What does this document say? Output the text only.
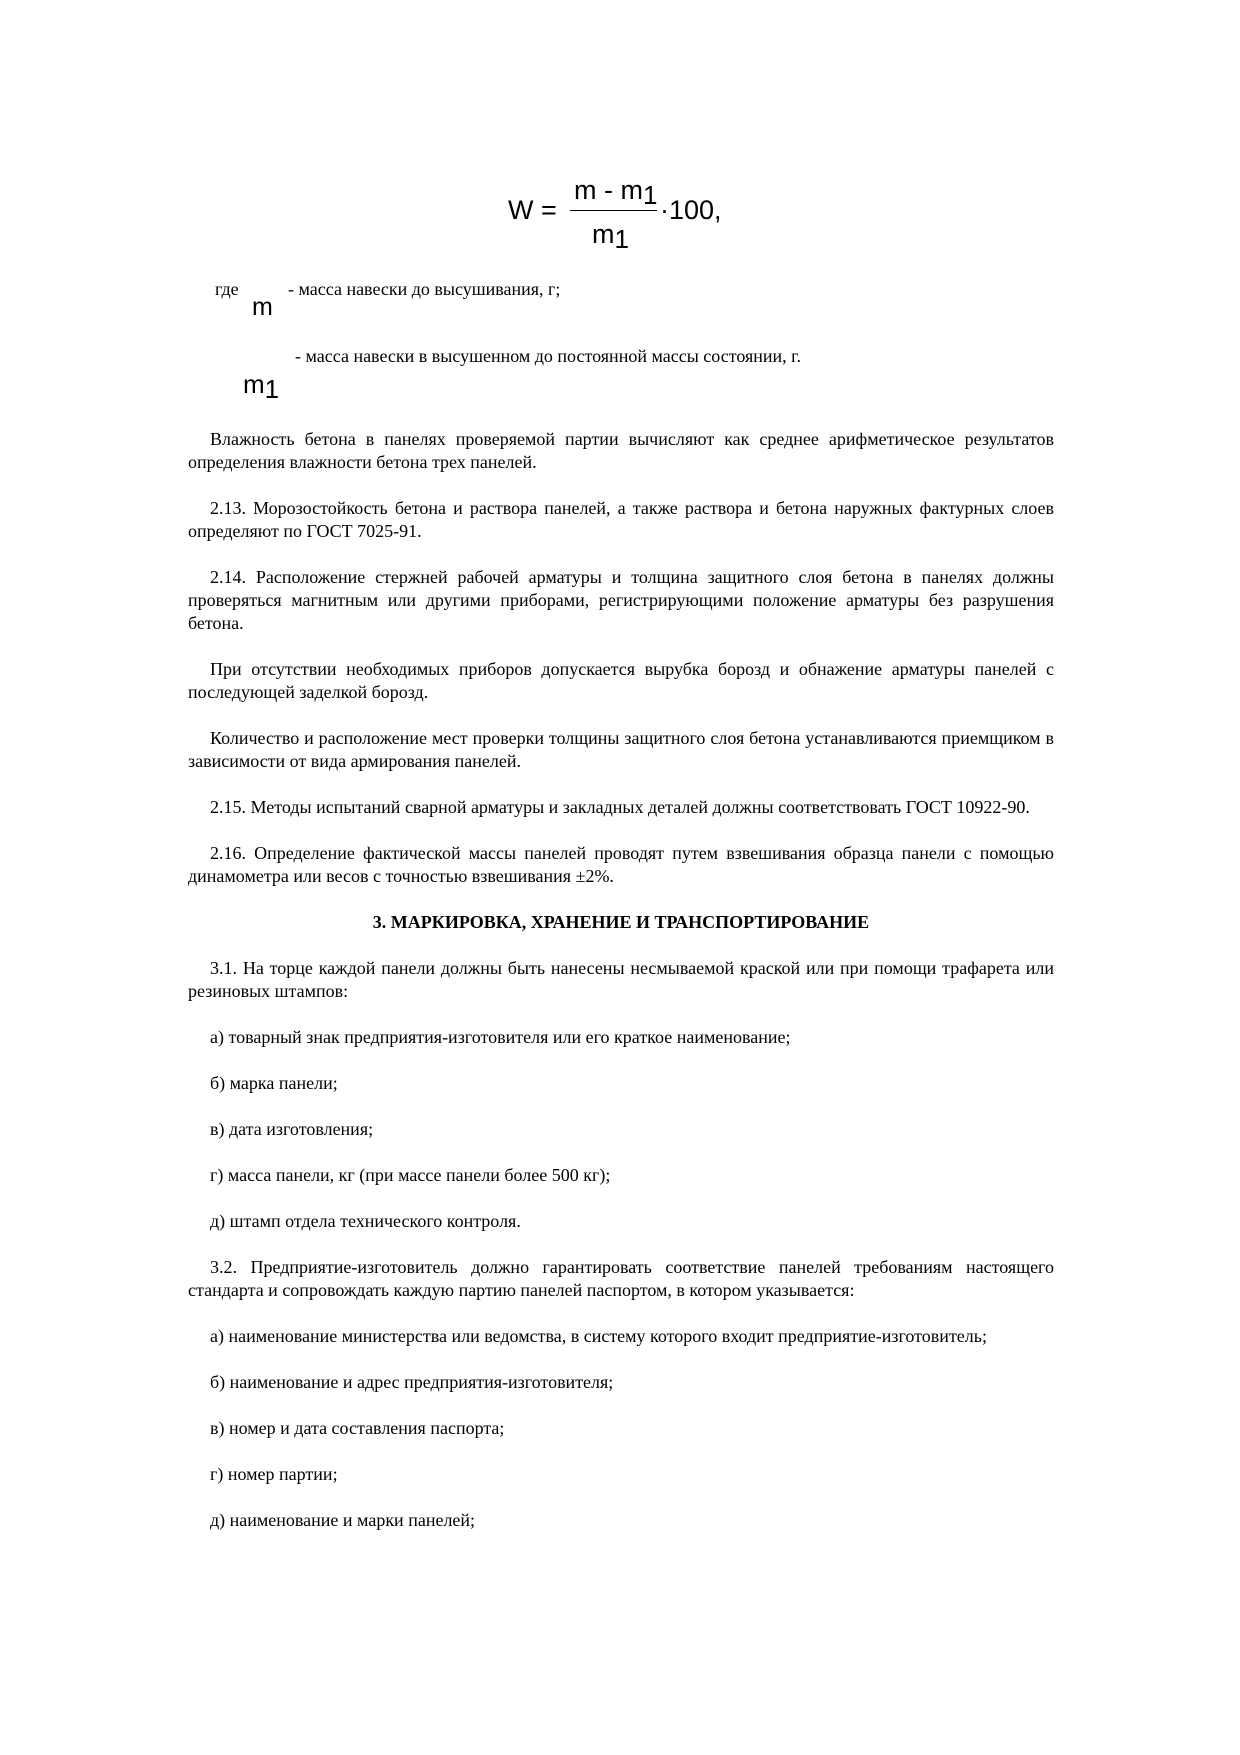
W =
m - m1
m1
·100,
где
m
- масса навески до высушивания, г;
m1
- масса навески в высушенном до постоянной массы состоянии, г.

Влажность бетона в панелях проверяемой партии вычисляют как среднее арифметическое результатов определения влажности бетона трех панелей.

2.13. Морозостойкость бетона и раствора панелей, а также раствора и бетона наружных фактурных слоев определяют по ГОСТ 7025-91.

2.14. Расположение стержней рабочей арматуры и толщина защитного слоя бетона в панелях должны проверяться магнитным или другими приборами, регистрирующими положение арматуры без разрушения бетона.

При отсутствии необходимых приборов допускается вырубка борозд и обнажение арматуры панелей с последующей заделкой борозд.

Количество и расположение мест проверки толщины защитного слоя бетона устанавливаются приемщиком в зависимости от вида армирования панелей.

2.15. Методы испытаний сварной арматуры и закладных деталей должны соответствовать ГОСТ 10922-90.

2.16. Определение фактической массы панелей проводят путем взвешивания образца панели с помощью динамометра или весов с точностью взвешивания ±2%.

3. МАРКИРОВКА, ХРАНЕНИЕ И ТРАНСПОРТИРОВАНИЕ

3.1. На торце каждой панели должны быть нанесены несмываемой краской или при помощи трафарета или резиновых штампов:

а) товарный знак предприятия-изготовителя или его краткое наименование;

б) марка панели;

в) дата изготовления;

г) масса панели, кг (при массе панели более 500 кг);

д) штамп отдела технического контроля.

3.2. Предприятие-изготовитель должно гарантировать соответствие панелей требованиям настоящего стандарта и сопровождать каждую партию панелей паспортом, в котором указывается:

а) наименование министерства или ведомства, в систему которого входит предприятие-изготовитель;

б) наименование и адрес предприятия-изготовителя;

в) номер и дата составления паспорта;

г) номер партии;

д) наименование и марки панелей;
